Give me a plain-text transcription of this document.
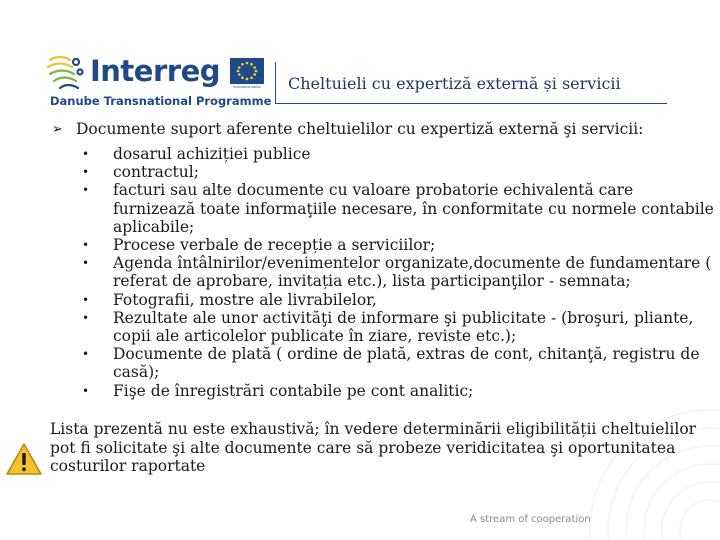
Interreg	EUROPEAN UNION
Danube Transnational Programme
Cheltuieli cu expertiză externă și servicii
➢ Documente suport aferente cheltuielilor cu expertiză externă şi servicii:
•	dosarul achiziției publice
•	contractul;
•	facturi sau alte documente cu valoare probatorie echivalentă care furnizează toate informaţiile necesare, în conformitate cu normele contabile aplicabile;
•	Procese verbale de recepție a serviciilor;
•	Agenda întâlnirilor/evenimentelor organizate,documente de fundamentare ( referat de aprobare, invitația etc.), lista participanţilor - semnata;
•	Fotografii, mostre ale livrabilelor,
•	Rezultate ale unor activităţi de informare şi publicitate - (broşuri, pliante, copii ale articolelor publicate în ziare, reviste etc.);
•	Documente de plată ( ordine de plată, extras de cont, chitanţă, registru de casă);
•	Fişe de înregistrări contabile pe cont analitic;
Lista prezentă nu este exhaustivă; în vedere determinării eligibilității cheltuielilor pot fi solicitate şi alte documente care să probeze veridicitatea şi oportunitatea costurilor raportate
A stream of cooperation
